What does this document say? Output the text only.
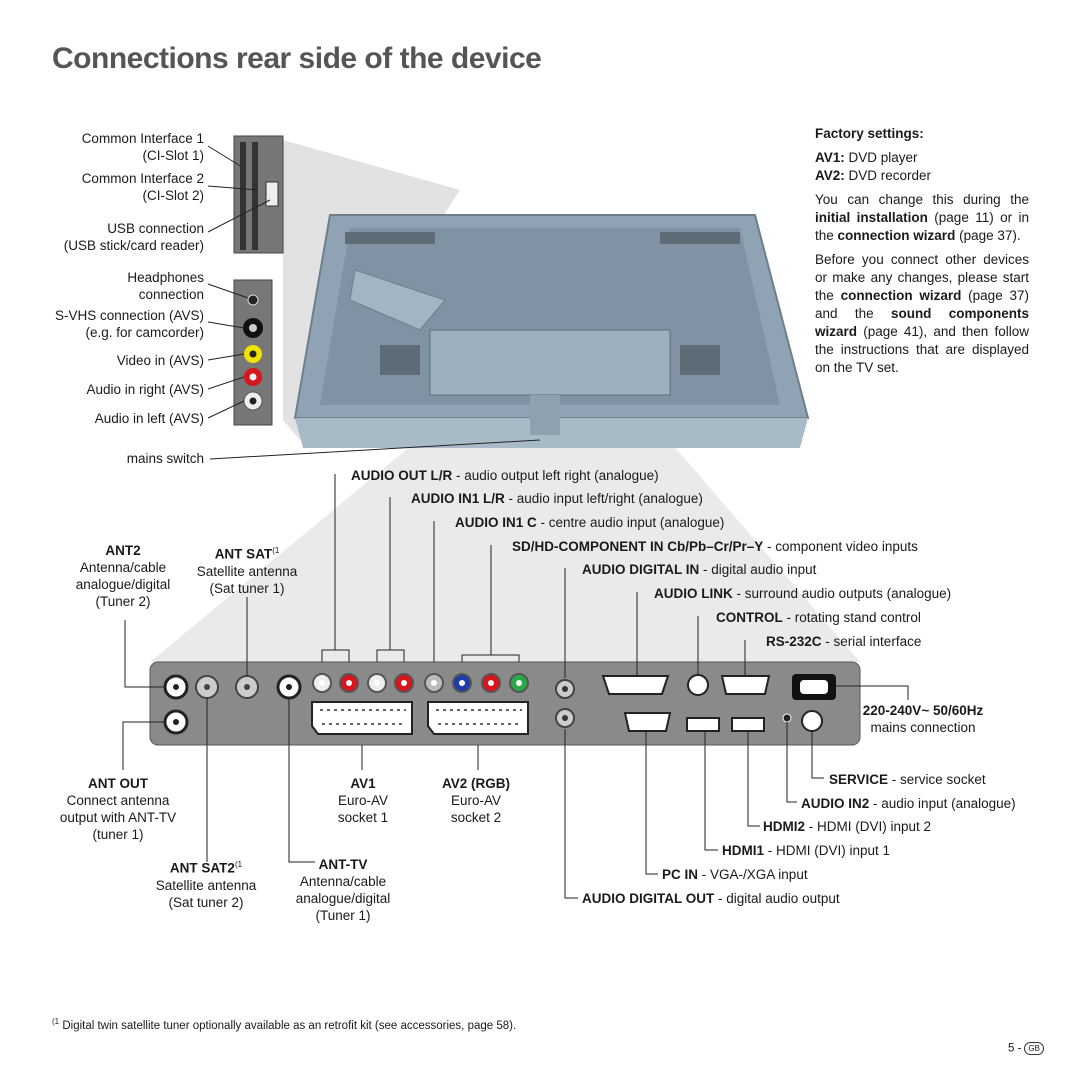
Connections rear side of the device
Common Interface 1
(CI-Slot 1)
Common Interface 2
(CI-Slot 2)
USB connection
(USB stick/card reader)
Headphones
connection
S-VHS connection (AVS)
(e.g. for camcorder)
Video in (AVS)
Audio in right (AVS)
Audio in left (AVS)
mains switch

Factory settings:

AV1: DVD player

AV2: DVD recorder

You can change this during the initial installation (page 11) or in the connection wizard (page 37).

Before you connect other devices or make any changes, please start the connection wizard (page 37) and the sound components wizard (page 41), and then follow the instructions that are displayed on the TV set.

AUDIO OUT L/R - audio output left right (analogue)
AUDIO IN1 L/R - audio input left/right (analogue)
AUDIO IN1 C - centre audio input (analogue)
SD/HD-COMPONENT IN Cb/Pb–Cr/Pr–Y - component video inputs
AUDIO DIGITAL IN - digital audio input
AUDIO LINK - surround audio outputs (analogue)
CONTROL - rotating stand control
RS-232C - serial interface
ANT2
Antenna/cable
analogue/digital
(Tuner 2)
ANT SAT$^{(1}$
Satellite antenna
(Sat tuner 1)
ANT OUT
Connect antenna
output with ANT-TV
(tuner 1)
ANT SAT2$^{(1}$
Satellite antenna
(Sat tuner 2)
ANT-TV
Antenna/cable
analogue/digital
(Tuner 1)
AV1
Euro-AV
socket 1
AV2 (RGB)
Euro-AV
socket 2
220-240V~ 50/60Hz
mains connection
SERVICE - service socket
AUDIO IN2 - audio input (analogue)
HDMI2 - HDMI (DVI) input 2
HDMI1 - HDMI (DVI) input 1
PC IN - VGA-/XGA input
AUDIO DIGITAL OUT - digital audio output
$^{(1}$ Digital twin satellite tuner optionally available as an retrofit kit (see accessories, page 58).
5 - GB
